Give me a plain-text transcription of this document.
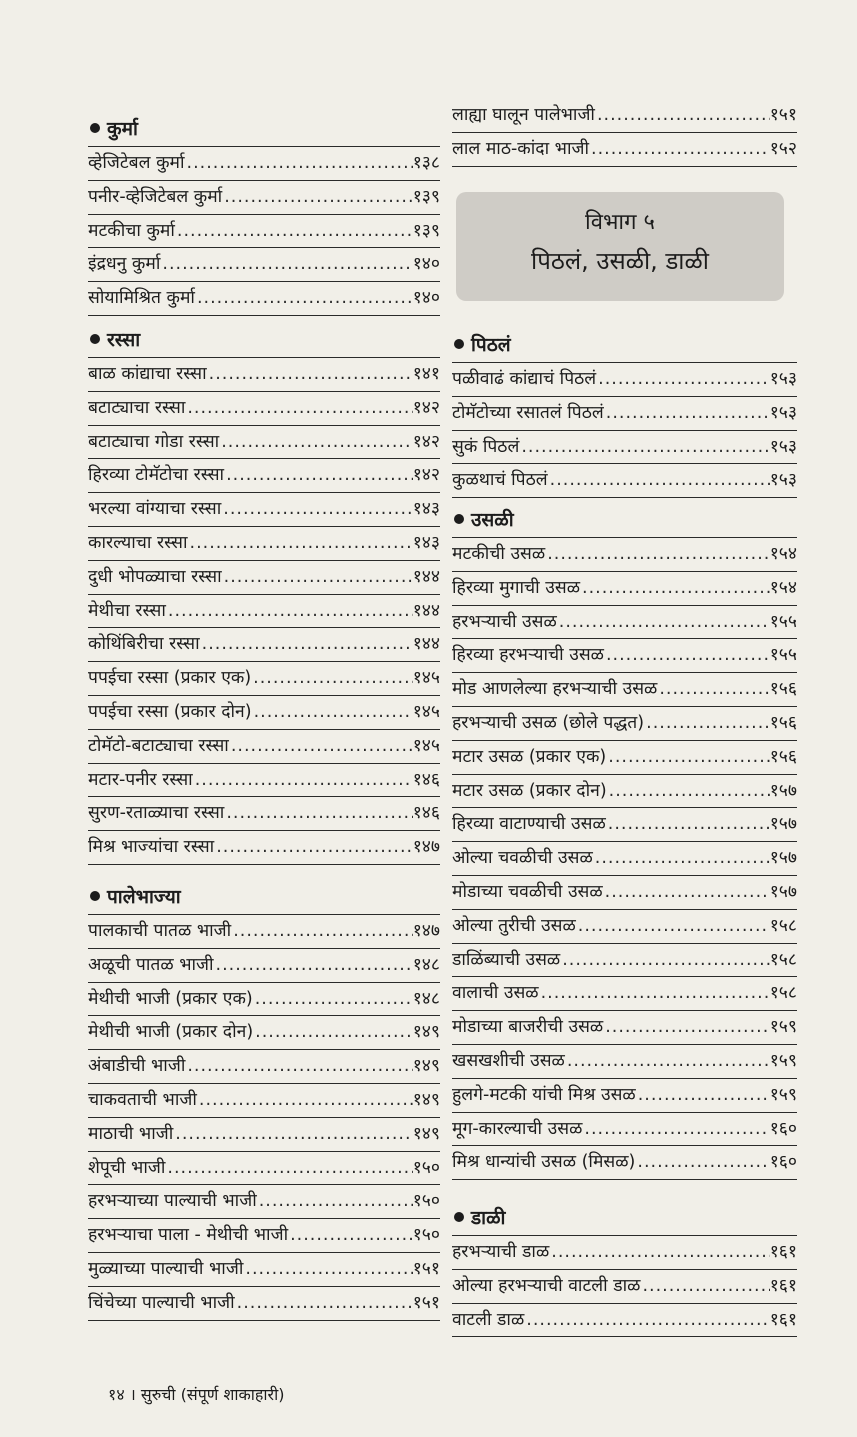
कुर्मा
व्हेजिटेबल कुर्मा .....	१३८
पनीर-व्हेजिटेबल कुर्मा .....	१३९
मटकीचा कुर्मा .....	१३९
इंद्रधनु कुर्मा .....	१४०
सोयामिश्रित कुर्मा .....	१४०
रस्सा
बाळ कांद्याचा रस्सा .....	१४१
बटाट्याचा रस्सा .....	१४२
बटाट्याचा गोडा रस्सा .....	१४२
हिरव्या टोमॅटोचा रस्सा .....	१४२
भरल्या वांग्याचा रस्सा .....	१४३
कारल्याचा रस्सा .....	१४३
दुधी भोपळ्याचा रस्सा .....	१४४
मेथीचा रस्सा .....	१४४
कोथिंबिरीचा रस्सा .....	१४४
पपईचा रस्सा (प्रकार एक) .....	१४५
पपईचा रस्सा (प्रकार दोन) .....	१४५
टोमॅटो-बटाट्याचा रस्सा .....	१४५
मटार-पनीर रस्सा .....	१४६
सुरण-रताळ्याचा रस्सा .....	१४६
मिश्र भाज्यांचा रस्सा .....	१४७
पालेभाज्या
पालकाची पातळ भाजी .....	१४७
अळूची पातळ भाजी .....	१४८
मेथीची भाजी (प्रकार एक) .....	१४८
मेथीची भाजी (प्रकार दोन) .....	१४९
अंबाडीची भाजी .....	१४९
चाकवताची भाजी .....	१४९
माठाची भाजी .....	१४९
शेपूची भाजी .....	१५०
हरभऱ्याच्या पाल्याची भाजी .....	१५०
हरभऱ्याचा पाला - मेथीची भाजी .....	१५०
मुळ्याच्या पाल्याची भाजी .....	१५१
चिंचेच्या पाल्याची भाजी .....	१५१
लाह्या घालून पालेभाजी .....	१५१
लाल माठ-कांदा भाजी .....	१५२
पिठलं
पळीवाढं कांद्याचं पिठलं .....	१५३
टोमॅटोच्या रसातलं पिठलं .....	१५३
सुकं पिठलं .....	१५३
कुळथाचं पिठलं .....	१५३
उसळी
मटकीची उसळ .....	१५४
हिरव्या मुगाची उसळ .....	१५४
हरभऱ्याची उसळ .....	१५५
हिरव्या हरभऱ्याची उसळ .....	१५५
मोड आणलेल्या हरभऱ्याची उसळ .....	१५६
हरभऱ्याची उसळ (छोले पद्धत) .....	१५६
मटार उसळ (प्रकार एक) .....	१५६
मटार उसळ (प्रकार दोन) .....	१५७
हिरव्या वाटाण्याची उसळ .....	१५७
ओल्या चवळीची उसळ .....	१५७
मोडाच्या चवळीची उसळ .....	१५७
ओल्या तुरीची उसळ .....	१५८
डाळिंब्याची उसळ .....	१५८
वालाची उसळ .....	१५८
मोडाच्या बाजरीची उसळ .....	१५९
खसखशीची उसळ .....	१५९
हुलगे-मटकी यांची मिश्र उसळ .....	१५९
मूग-कारल्याची उसळ .....	१६०
मिश्र धान्यांची उसळ (मिसळ) .....	१६०
डाळी
हरभऱ्याची डाळ .....	१६१
ओल्या हरभऱ्याची वाटली डाळ .....	१६१
वाटली डाळ .....	१६१
विभाग ५
पिठलं, उसळी, डाळी
१४ । सुरुची (संपूर्ण शाकाहारी)
